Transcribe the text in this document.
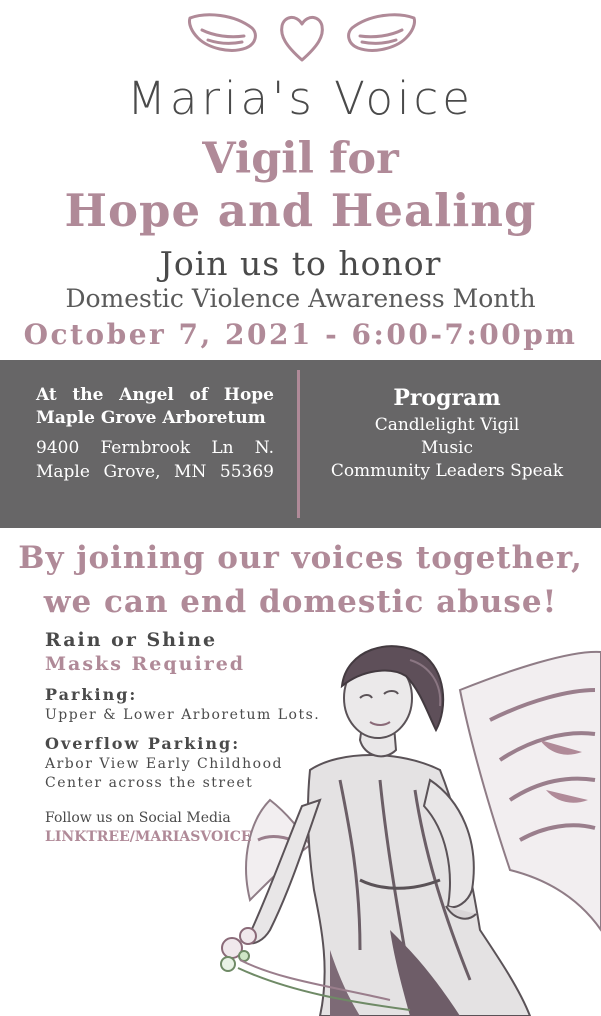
Maria's Voice
Vigil for
Hope and Healing
Join us to honor
Domestic Violence Awareness Month
October 7, 2021 - 6:00-7:00pm
At the Angel of Hope
Maple Grove Arboretum
9400 Fernbrook Ln N.
Maple Grove, MN 55369
Program
Candlelight Vigil
Music
Community Leaders Speak
By joining our voices together,
we can end domestic abuse!
Rain or Shine
Masks Required
Parking:
Upper & Lower Arboretum Lots.
Overflow Parking:
Arbor View Early Childhood
Center across the street
Follow us on Social Media
LINKTREE/MARIASVOICE
